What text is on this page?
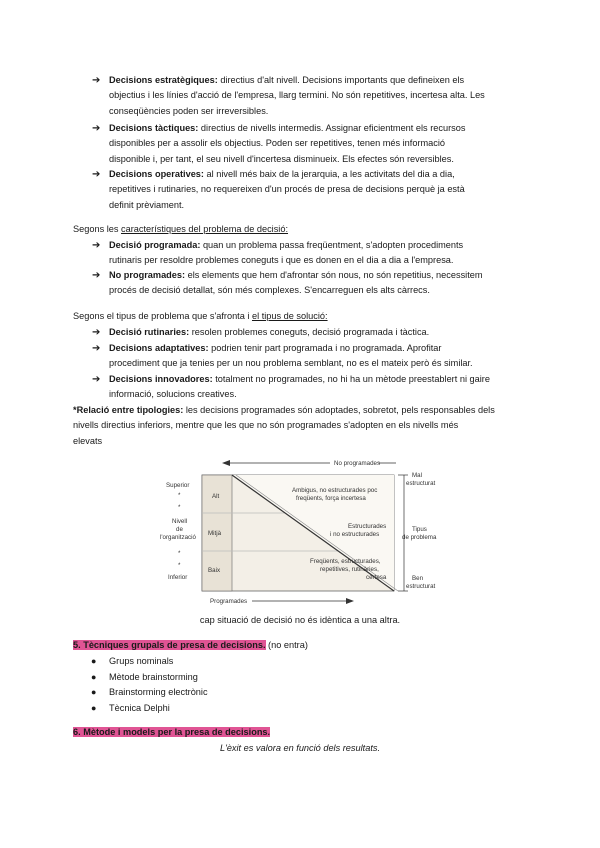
➔ Decisions estratègiques: directius d'alt nivell. Decisions importants que defineixen els
objectius i les línies d'acció de l'empresa, llarg termini. No són repetitives, incertesa alta. Les
conseqüències poden ser irreversibles.
➔ Decisions tàctiques: directius de nivells intermedis. Assignar eficientment els recursos
disponibles per a assolir els objectius. Poden ser repetitives, tenen més informació
disponible i, per tant, el seu nivell d'incertesa disminueix. Els efectes són reversibles.
➔ Decisions operatives: al nivell més baix de la jerarquia, a les activitats del dia a dia,
repetitives i rutinaries, no requereixen d'un procés de presa de decisions perquè ja està
definit prèviament.
Segons les característiques del problema de decisió:
➔ Decisió programada: quan un problema passa freqüentment, s'adopten procediments
rutinaris per resoldre problemes coneguts i que es donen en el dia a dia a l'empresa.
➔ No programades: els elements que hem d'afrontar són nous, no són repetitius, necessitem
procés de decisió detallat, són més complexes. S'encarreguen els alts càrrecs.
Segons el tipus de problema que s'afronta i el tipus de solució:
➔ Decisió rutinaries: resolen problemes coneguts, decisió programada i tàctica.
➔ Decisions adaptatives: podrien tenir part programada i no programada. Aprofitar
procediment que ja tenies per un nou problema semblant, no es el mateix però és similar.
➔ Decisions innovadores: totalment no programades, no hi ha un mètode preestablert ni gaire
informació, solucions creatives.
*Relació entre tipologies: les decisions programades són adoptades, sobretot, pels responsables dels
nivells directius inferiors, mentre que les que no són programades s'adopten en els nivells més
elevats
No programades
Alt
Mitjà
Baix
Ambigus, no estructurades poc
freqüents, força incertesa
Estructurades
i no estructurades
Freqüents, estructurades,
repetitives, rutinàries,
certesa
Superior
*
*
Nivell
de
l'organització
*
*
Inferior
Mal
estructurat
Tipus
de problema
Ben
estructurat
Programades
cap situació de decisió no és idèntica a una altra.
5. Tècniques grupals de presa de decisions. (no entra)
● Grups nominals
● Mètode brainstorming
● Brainstorming electrònic
● Tècnica Delphi
6. Mètode i models per la presa de decisions.
L'èxit es valora en funció dels resultats.
